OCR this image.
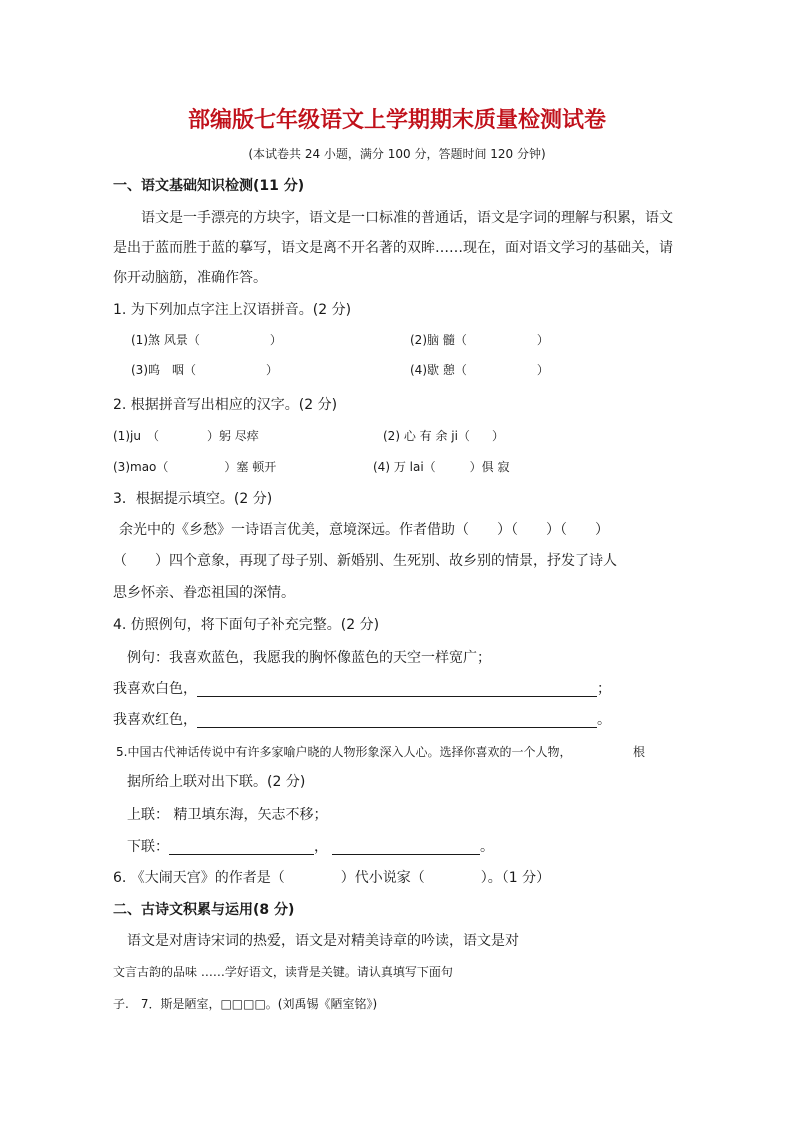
部编版七年级语文上学期期末质量检测试卷
(本试卷共 24 小题，满分 100 分，答题时间 120 分钟)
一、语文基础知识检测(11 分)
语文是一手漂亮的方块字，语文是一口标准的普通话，语文是字词的理解与积累，语文
是出于蓝而胜于蓝的摹写，语文是离不开名著的双眸……现在，面对语文学习的基础关，请
你开动脑筋，准确作答。
1. 为下列加点字注上汉语拼音。(2 分)
(1)煞 风景（	）	(2)脑 髓（	）
(3)呜　咽（	）	(4)歇 憩（	）
2. 根据拼音写出相应的汉字。(2 分)
(1)ju　（	）躬 尽瘁	(2) 心 有 余 ji（ ）
(3)mao（	）塞 顿开	(4) 万 lai（	）俱 寂
3．根据提示填空。(2 分)
余光中的《乡愁》一诗语言优美，意境深远。作者借助（　　）（　　）（　　）
（　　）四个意象，再现了母子别、新婚别、生死别、故乡别的情景，抒发了诗人
思乡怀亲、眷恋祖国的深情。
4. 仿照例句，将下面句子补充完整。(2 分)
例句：我喜欢蓝色，我愿我的胸怀像蓝色的天空一样宽广；
我喜欢白色，	；
我喜欢红色，	。
5.中国古代神话传说中有许多家喻户晓的人物形象深入人心。选择你喜欢的一个人物，	根
据所给上联对出下联。(2 分)
上联： 精卫填东海，矢志不移；
下联：	，	。
6. 《大闹天宫》的作者是（　　　　）代小说家（　　　　）。（1 分）
二、古诗文积累与运用(8 分)
语文是对唐诗宋词的热爱，语文是对精美诗章的吟读，语文是对
文言古韵的品味 ……学好语文，读背是关键。请认真填写下面句
子.　7．斯是陋室，□□□□。(刘禹锡《陋室铭》)
